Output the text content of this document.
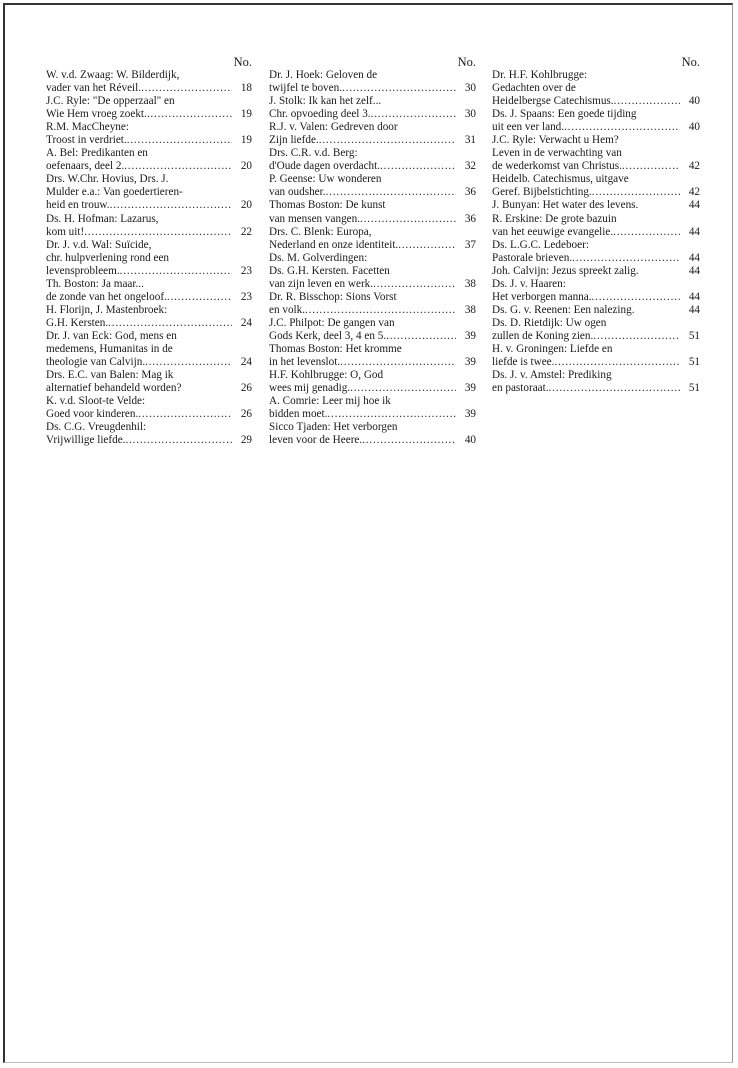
No.
W. v.d. Zwaag: W. Bilderdijk,
vader van het Réveil. . . .	18
J.C. Ryle: "De opperzaal" en
Wie Hem vroeg zoekt. . . .	19
R.M. MacCheyne:
Troost in verdriet. . . .	19
A. Bel: Predikanten en
oefenaars, deel 2. . . .	20
Drs. W.Chr. Hovius, Drs. J.
Mulder e.a.: Van goedertieren-
heid en trouw. . . .	20
Ds. H. Hofman: Lazarus,
kom uit! . . .	22
Dr. J. v.d. Wal: Suïcide,
chr. hulpverlening rond een
levensprobleem. . . .	23
Th. Boston: Ja maar...
de zonde van het ongeloof. . . .	23
H. Florijn, J. Mastenbroek:
G.H. Kersten. . . .	24
Dr. J. van Eck: God, mens en
medemens, Humanitas in de
theologie van Calvijn. . . .	24
Drs. E.C. van Balen: Mag ik
alternatief behandeld worden?	26
K. v.d. Sloot-te Velde:
Goed voor kinderen. . . .	26
Ds. C.G. Vreugdenhil:
Vrijwillige liefde. . . .	29
No.
Dr. J. Hoek: Geloven de
twijfel te boven. . . .	30
J. Stolk: Ik kan het zelf...
Chr. opvoeding deel 3. . . .	30
R.J. v. Valen: Gedreven door
Zijn liefde. . . .	31
Drs. C.R. v.d. Berg:
d'Oude dagen overdacht. . . .	32
P. Geense: Uw wonderen
van oudsher. . . .	36
Thomas Boston: De kunst
van mensen vangen. . . .	36
Drs. C. Blenk: Europa,
Nederland en onze identiteit. . . .	37
Ds. M. Golverdingen:
Ds. G.H. Kersten. Facetten
van zijn leven en werk. . . .	38
Dr. R. Bisschop: Sions Vorst
en volk. . . .	38
J.C. Philpot: De gangen van
Gods Kerk, deel 3, 4 en 5. . . .	39
Thomas Boston: Het kromme
in het levenslot. . . .	39
H.F. Kohlbrugge: O, God
wees mij genadig. . . .	39
A. Comrie: Leer mij hoe ik
bidden moet. . . .	39
Sicco Tjaden: Het verborgen
leven voor de Heere. . . .	40
No.
Dr. H.F. Kohlbrugge:
Gedachten over de
Heidelbergse Catechismus. . . .	40
Ds. J. Spaans: Een goede tijding
uit een ver land. . . .	40
J.C. Ryle: Verwacht u Hem?
Leven in de verwachting van
de wederkomst van Christus. . . .	42
Heidelb. Catechismus, uitgave
Geref. Bijbelstichting. . . .	42
J. Bunyan: Het water des levens.	44
R. Erskine: De grote bazuin
van het eeuwige evangelie. . . .	44
Ds. L.G.C. Ledeboer:
Pastorale brieven. . . .	44
Joh. Calvijn: Jezus spreekt zalig.	44
Ds. J. v. Haaren:
Het verborgen manna. . . .	44
Ds. G. v. Reenen: Een nalezing.	44
Ds. D. Rietdijk: Uw ogen
zullen de Koning zien. . . .	51
H. v. Groningen: Liefde en
liefde is twee. . . .	51
Ds. J. v. Amstel: Prediking
en pastoraat. . . .	51
